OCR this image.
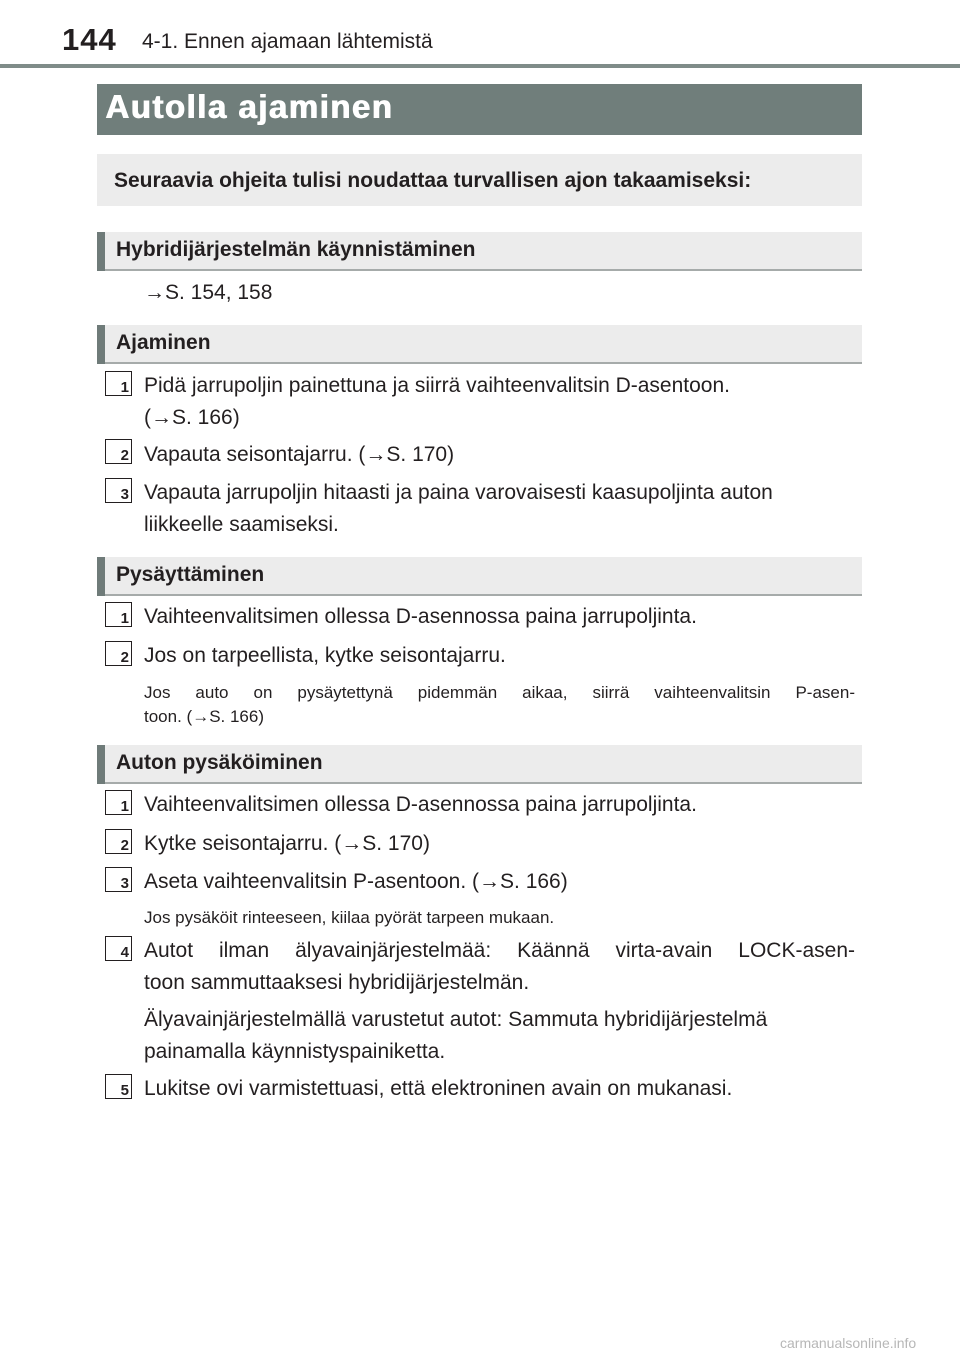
144 4-1. Ennen ajamaan lähtemistä
Autolla ajaminen
Seuraavia ohjeita tulisi noudattaa turvallisen ajon takaamiseksi:
Hybridijärjestelmän käynnistäminen
→S. 154, 158
Ajaminen
1 Pidä jarrupoljin painettuna ja siirrä vaihteenvalitsin D-asentoon.
(→S. 166)
2 Vapauta seisontajarru. (→S. 170)
3 Vapauta jarrupoljin hitaasti ja paina varovaisesti kaasupoljinta auton
liikkeelle saamiseksi.
Pysäyttäminen
1 Vaihteenvalitsimen ollessa D-asennossa paina jarrupoljinta.
2 Jos on tarpeellista, kytke seisontajarru.
Jos auto on pysäytettynä pidemmän aikaa, siirrä vaihteenvalitsin P-asen-
toon. (→S. 166)
Auton pysäköiminen
1 Vaihteenvalitsimen ollessa D-asennossa paina jarrupoljinta.
2 Kytke seisontajarru. (→S. 170)
3 Aseta vaihteenvalitsin P-asentoon. (→S. 166)
Jos pysäköit rinteeseen, kiilaa pyörät tarpeen mukaan.
4 Autot ilman älyavainjärjestelmää: Käännä virta-avain LOCK-asen-
toon sammuttaaksesi hybridijärjestelmän.
Älyavainjärjestelmällä varustetut autot: Sammuta hybridijärjestelmä
painamalla käynnistyspainiketta.
5 Lukitse ovi varmistettuasi, että elektroninen avain on mukanasi.
carmanualsonline.info
